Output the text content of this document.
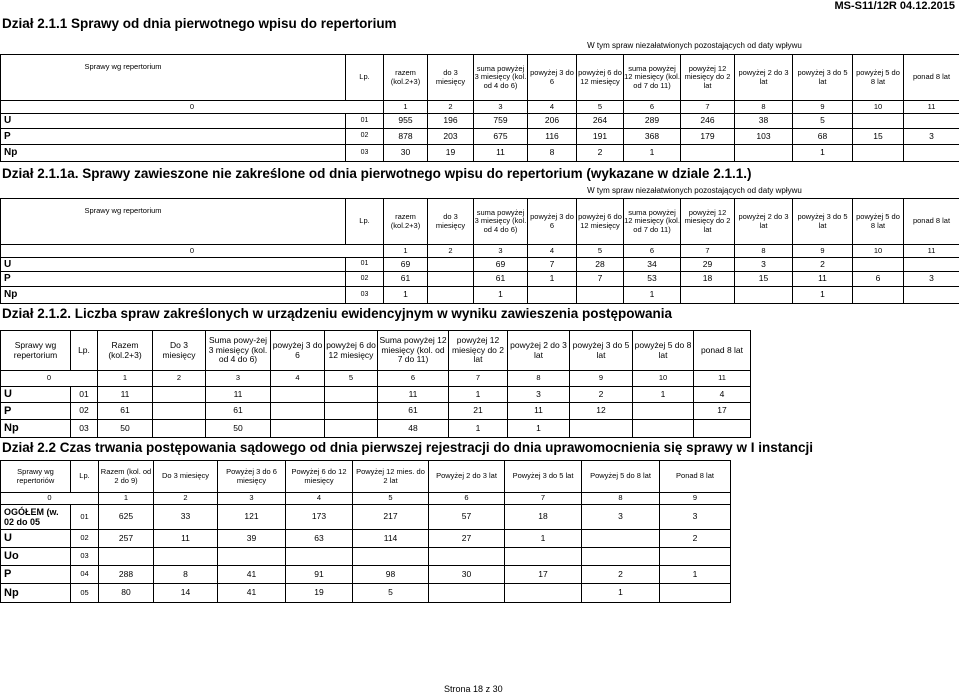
MS-S11/12R 04.12.2015
Dział 2.1.1 Sprawy od dnia pierwotnego wpisu do repertorium
W tym spraw niezałatwionych pozostających od daty wpływu
Sprawy wg repertorium	Lp.	razem (kol.2+3)	do 3 miesięcy	suma powyżej 3 miesięcy (kol. od 4 do 6)	powyżej 3 do 6	powyżej 6 do 12 miesięcy	suma powyżej 12 miesięcy (kol. od 7 do 11)	powyżej 12 miesięcy do 2 lat	powyżej 2 do 3 lat	powyżej 3 do 5 lat	powyżej 5 do 8 lat	ponad 8 lat
0		1	2	3	4	5	6	7	8	9	10	11
U	01	955	196	759	206	264	289	246	38	5		
P	02	878	203	675	116	191	368	179	103	68	15	3
Np	03	30	19	11	8	2	1			1		
Dział 2.1.1a. Sprawy zawieszone nie zakreślone od dnia pierwotnego wpisu do repertorium (wykazane w dziale 2.1.1.)
W tym spraw niezałatwionych pozostających od daty wpływu
Sprawy wg repertorium	Lp.	razem (kol.2+3)	do 3 miesięcy	suma powyżej 3 miesięcy (kol. od 4 do 6)	powyżej 3 do 6	powyżej 6 do 12 miesięcy	suma powyżej 12 miesięcy (kol. od 7 do 11)	powyżej 12 miesięcy do 2 lat	powyżej 2 do 3 lat	powyżej 3 do 5 lat	powyżej 5 do 8 lat	ponad 8 lat
0		1	2	3	4	5	6	7	8	9	10	11
U	01	69		69	7	28	34	29	3	2		
P	02	61		61	1	7	53	18	15	11	6	3
Np	03	1		1			1			1		
Dział 2.1.2. Liczba spraw zakreślonych w urządzeniu ewidencyjnym w wyniku zawieszenia postępowania
Sprawy wg repertorium	Lp.	Razem (kol.2+3)	Do 3 miesięcy	Suma powy-żej 3 miesięcy (kol. od 4 do 6)	powyżej 3 do 6	powyżej 6 do 12 miesięcy	Suma powyżej 12 miesięcy (kol. od 7 do 11)	powyżej 12 miesięcy do 2 lat	powyżej 2 do 3 lat	powyżej 3 do 5 lat	powyżej 5 do 8 lat	ponad 8 lat
0		1	2	3	4	5	6	7	8	9	10	11
U	01	11		11			11	1	3	2	1	4
P	02	61		61			61	21	11	12		17
Np	03	50		50			48	1	1			
Dział 2.2 Czas trwania postępowania sądowego od dnia pierwszej rejestracji do dnia uprawomocnienia się sprawy w I instancji
Sprawy wg repertoriów	Lp.	Razem (kol. od 2 do 9)	Do 3 miesięcy	Powyżej 3 do 6 miesięcy	Powyżej 6 do 12 miesięcy	Powyżej 12 mies. do 2 lat	Powyżej 2 do 3 lat	Powyżej 3 do 5 lat	Powyżej 5 do 8 lat	Ponad 8 lat
0		1	2	3	4	5	6	7	8	9
OGÓŁEM (w. 02 do 05	01	625	33	121	173	217	57	18	3	3
U	02	257	11	39	63	114	27	1		2
Uo	03									
P	04	288	8	41	91	98	30	17	2	1
Np	05	80	14	41	19	5			1	
Strona 18 z 30
